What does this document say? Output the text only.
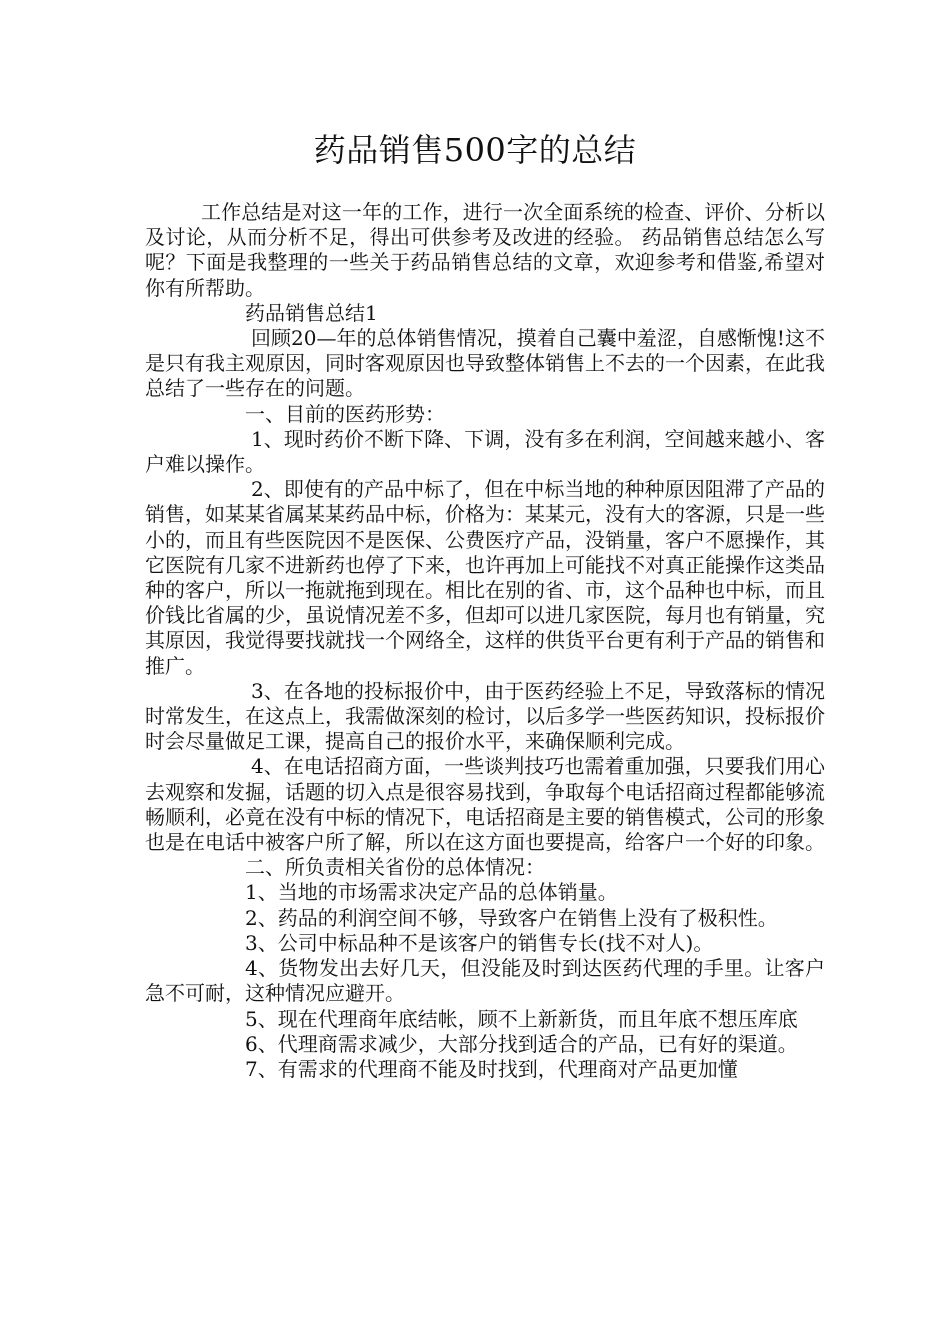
药品销售500字的总结

工作总结是对这一年的工作，进行一次全面系统的检查、评价、分析以及讨论，从而分析不足，得出可供参考及改进的经验。 药品销售总结怎么写呢？下面是我整理的一些关于药品销售总结的文章，欢迎参考和借鉴,希望对你有所帮助。

药品销售总结1

回顾20—年的总体销售情况，摸着自己囊中羞涩，自感惭愧!这不是只有我主观原因，同时客观原因也导致整体销售上不去的一个因素，在此我总结了一些存在的问题。

一、目前的医药形势：

1、现时药价不断下降、下调，没有多在利润，空间越来越小、客户难以操作。

2、即使有的产品中标了，但在中标当地的种种原因阻滞了产品的销售，如某某省属某某药品中标，价格为：某某元，没有大的客源，只是一些小的，而且有些医院因不是医保、公费医疗产品，没销量，客户不愿操作，其它医院有几家不进新药也停了下来，也许再加上可能找不对真正能操作这类品种的客户，所以一拖就拖到现在。相比在别的省、市，这个品种也中标，而且价钱比省属的少，虽说情况差不多，但却可以进几家医院，每月也有销量，究其原因，我觉得要找就找一个网络全，这样的供货平台更有利于产品的销售和推广。

3、在各地的投标报价中，由于医药经验上不足，导致落标的情况时常发生，在这点上，我需做深刻的检讨，以后多学一些医药知识，投标报价时会尽量做足工课，提高自己的报价水平，来确保顺利完成。

4、在电话招商方面，一些谈判技巧也需着重加强，只要我们用心去观察和发掘，话题的切入点是很容易找到，争取每个电话招商过程都能够流畅顺利，必竟在没有中标的情况下，电话招商是主要的销售模式，公司的形象也是在电话中被客户所了解，所以在这方面也要提高，给客户一个好的印象。

二、所负责相关省份的总体情况：

1、当地的市场需求决定产品的总体销量。

2、药品的利润空间不够，导致客户在销售上没有了极积性。

3、公司中标品种不是该客户的销售专长(找不对人)。

4、货物发出去好几天，但没能及时到达医药代理的手里。让客户急不可耐，这种情况应避开。

5、现在代理商年底结帐，顾不上新新货，而且年底不想压库底

6、代理商需求减少，大部分找到适合的产品，已有好的渠道。

7、有需求的代理商不能及时找到，代理商对产品更加懂
